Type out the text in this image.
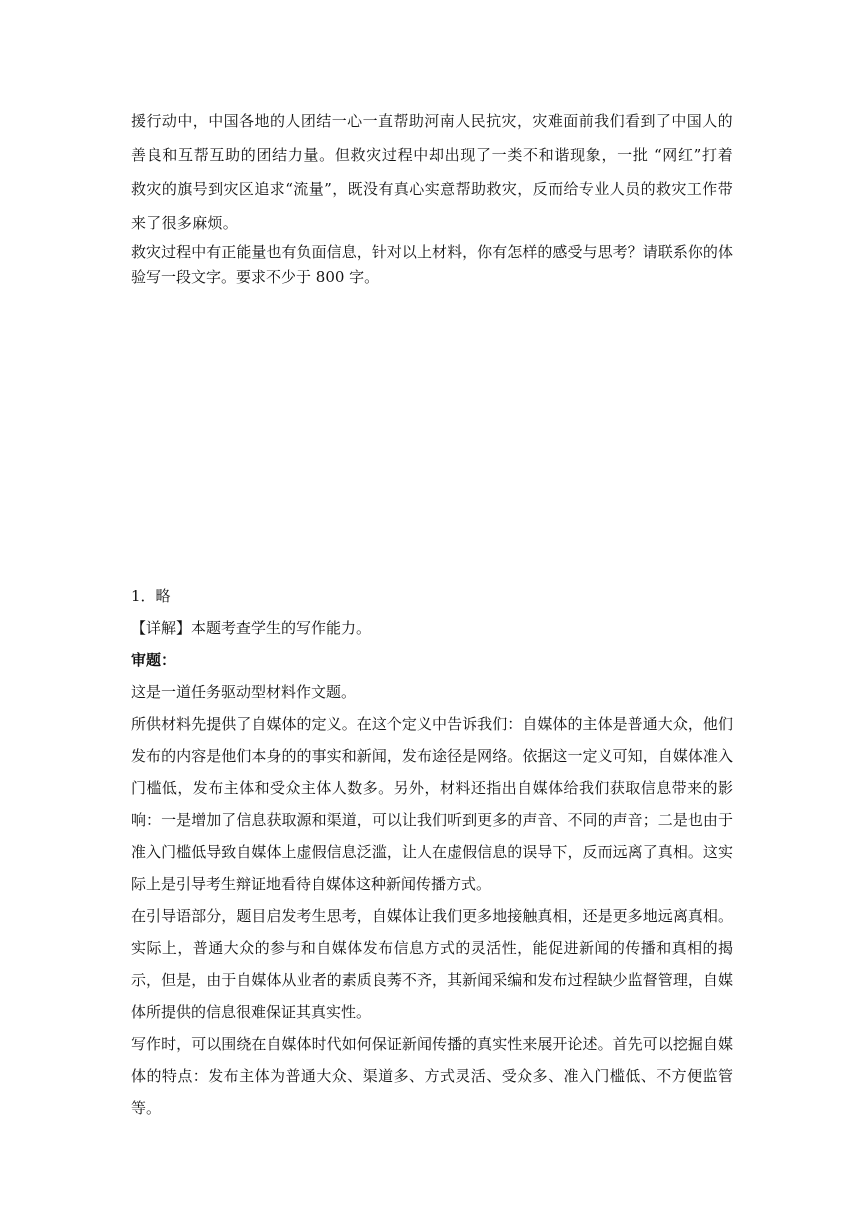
援行动中，中国各地的人团结一心一直帮助河南人民抗灾，灾难面前我们看到了中国人的善良和互帮互助的团结力量。但救灾过程中却出现了一类不和谐现象，一批 “网红”打着救灾的旗号到灾区追求“流量”，既没有真心实意帮助救灾，反而给专业人员的救灾工作带来了很多麻烦。

救灾过程中有正能量也有负面信息，针对以上材料，你有怎样的感受与思考？请联系你的体验写一段文字。要求不少于 800 字。

1．略

【详解】本题考查学生的写作能力。

审题：

这是一道任务驱动型材料作文题。

所供材料先提供了自媒体的定义。在这个定义中告诉我们：自媒体的主体是普通大众，他们发布的内容是他们本身的的事实和新闻，发布途径是网络。依据这一定义可知，自媒体准入门槛低，发布主体和受众主体人数多。另外，材料还指出自媒体给我们获取信息带来的影响：一是增加了信息获取源和渠道，可以让我们听到更多的声音、不同的声音；二是也由于准入门槛低导致自媒体上虚假信息泛滥，让人在虚假信息的误导下，反而远离了真相。这实际上是引导考生辩证地看待自媒体这种新闻传播方式。

在引导语部分，题目启发考生思考，自媒体让我们更多地接触真相，还是更多地远离真相。实际上，普通大众的参与和自媒体发布信息方式的灵活性，能促进新闻的传播和真相的揭示，但是，由于自媒体从业者的素质良莠不齐，其新闻采编和发布过程缺少监督管理，自媒体所提供的信息很难保证其真实性。

写作时，可以围绕在自媒体时代如何保证新闻传播的真实性来展开论述。首先可以挖掘自媒体的特点：发布主体为普通大众、渠道多、方式灵活、受众多、准入门槛低、不方便监管等。
